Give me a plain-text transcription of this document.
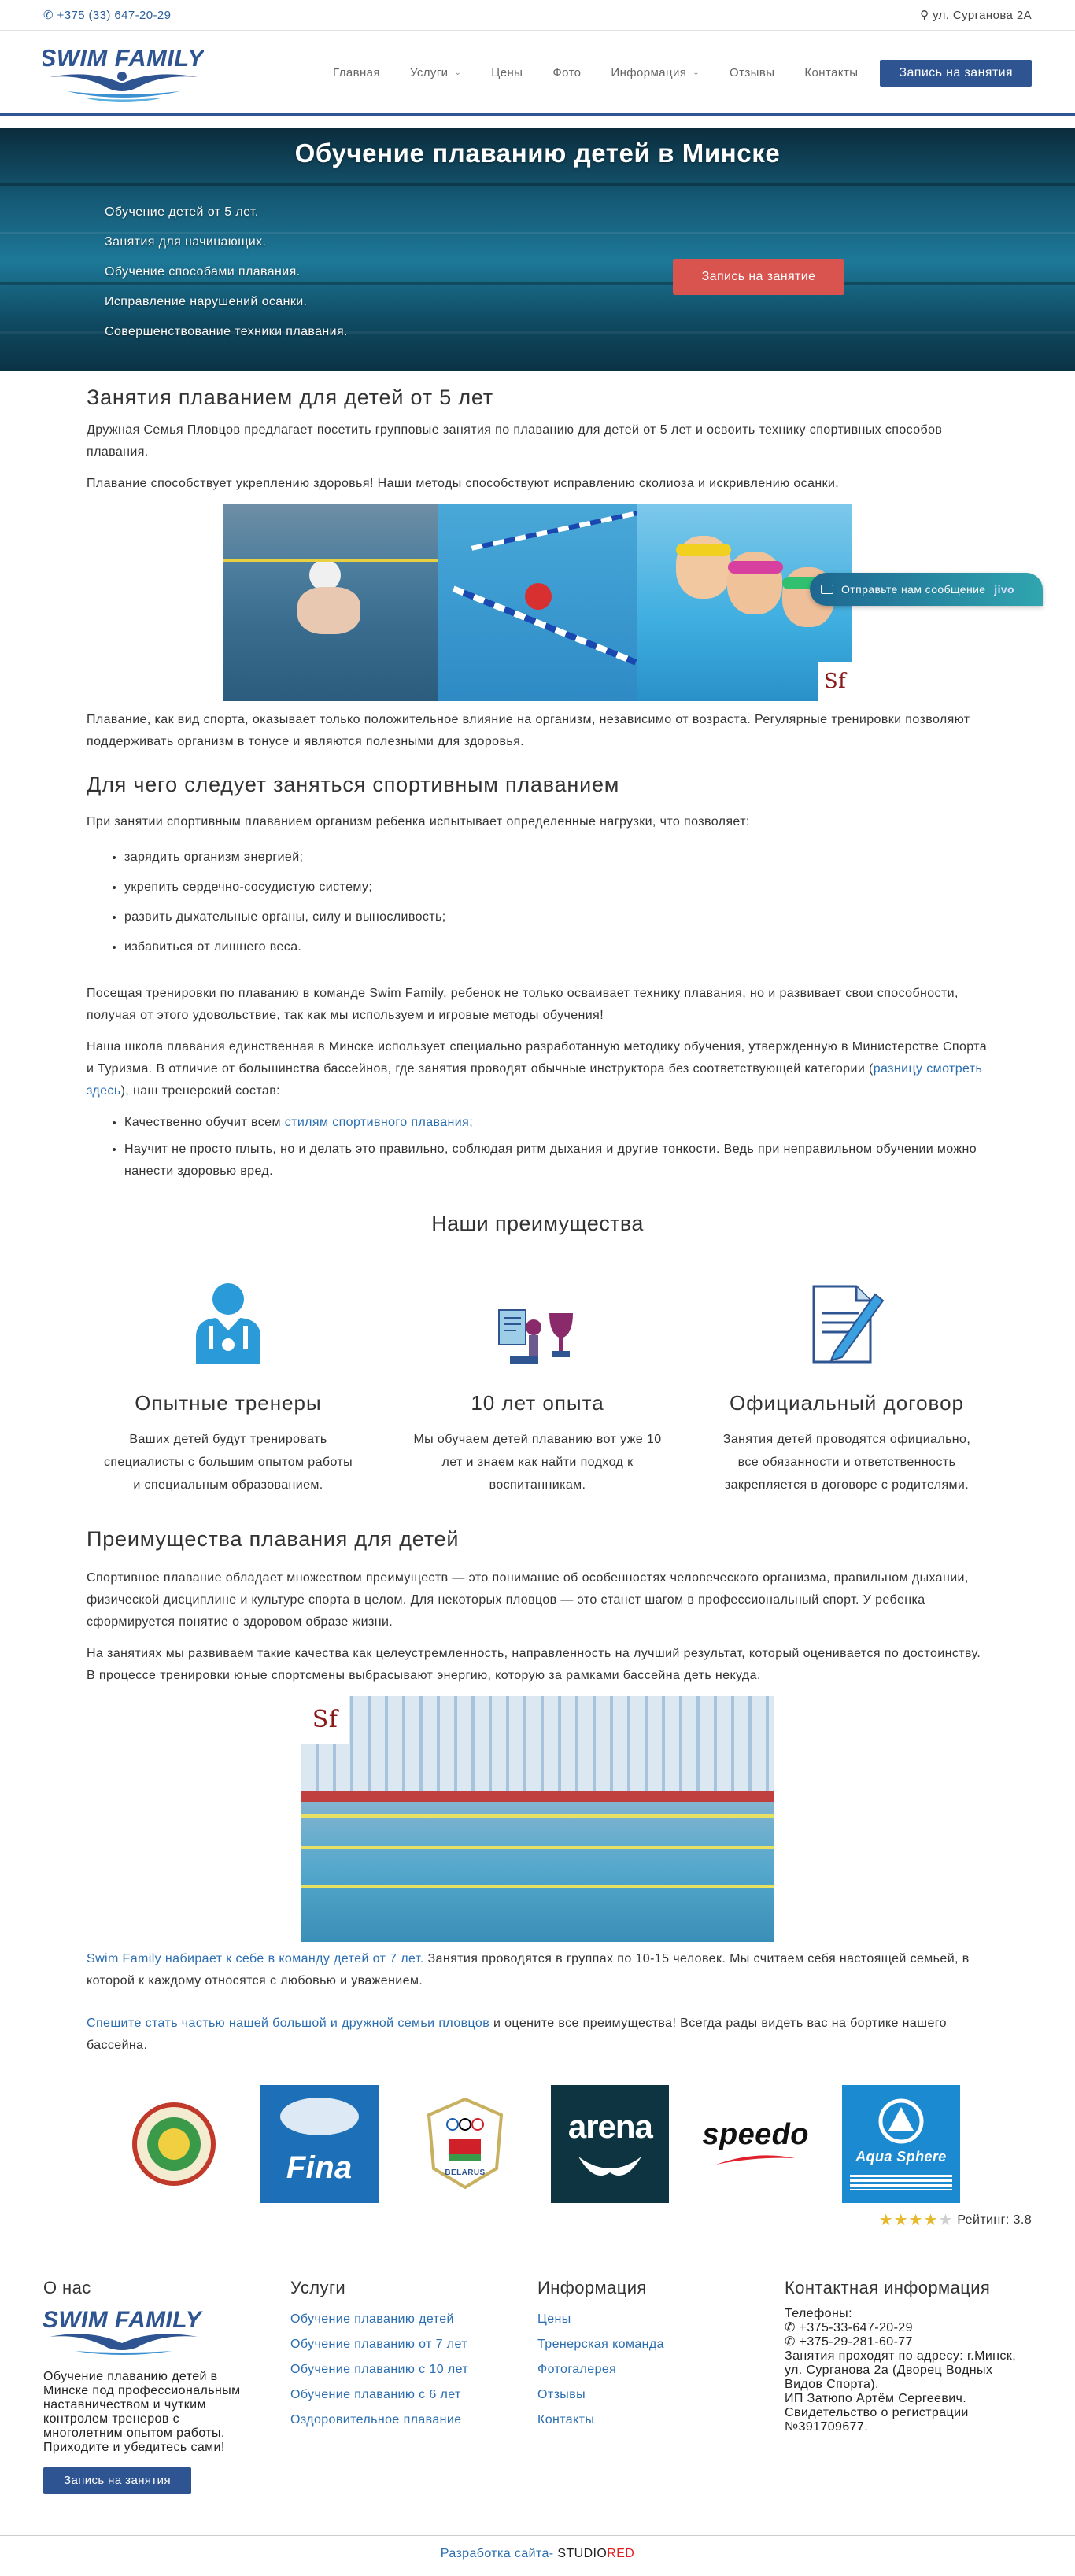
✆ +375 (33) 647-20-29	⚲ ул. Сурганова 2А
SWIM FAMILY
Главная	Услуги ⌄	Цены	Фото	Информация ⌄	Отзывы	Контакты	Запись на занятия
Обучение плаванию детей в Минске
Обучение детей от 5 лет.
Занятия для начинающих.
Обучение способами плавания.
Исправление нарушений осанки.
Совершенствование техники плавания.
Запись на занятие
Занятия плаванием для детей от 5 лет

Дружная Семья Пловцов предлагает посетить групповые занятия по плаванию для детей от 5 лет и освоить технику спортивных способов плавания.

Плавание способствует укреплению здоровья! Наши методы способствуют исправлению сколиоза и искривлению осанки.

Sf

Плавание, как вид спорта, оказывает только положительное влияние на организм, независимо от возраста. Регулярные тренировки позволяют поддерживать организм в тонусе и являются полезными для здоровья.

Для чего следует заняться спортивным плаванием

При занятии спортивным плаванием организм ребенка испытывает определенные нагрузки, что позволяет:

• зарядить организм энергией;
• укрепить сердечно-сосудистую систему;
• развить дыхательные органы, силу и выносливость;
• избавиться от лишнего веса.

Посещая тренировки по плаванию в команде Swim Family, ребенок не только осваивает технику плавания, но и развивает свои способности, получая от этого удовольствие, так как мы используем и игровые методы обучения!

Наша школа плавания единственная в Минске использует специально разработанную методику обучения, утвержденную в Министерстве Спорта и Туризма. В отличие от большинства бассейнов, где занятия проводят обычные инструктора без соответствующей категории (разницу смотреть здесь), наш тренерский состав:

• Качественно обучит всем стилям спортивного плавания;
• Научит не просто плыть, но и делать это правильно, соблюдая ритм дыхания и другие тонкости. Ведь при неправильном обучении можно нанести здоровью вред.
Наши преимущества
Опытные тренеры

Ваших детей будут тренировать специалисты с большим опытом работы и специальным образованием.

10 лет опыта

Мы обучаем детей плаванию вот уже 10 лет и знаем как найти подход к воспитанникам.

Официальный договор

Занятия детей проводятся официально, все обязанности и ответственность закрепляется в договоре с родителями.

Преимущества плавания для детей

Спортивное плавание обладает множеством преимуществ — это понимание об особенностях человеческого организма, правильном дыхании, физической дисциплине и культуре спорта в целом. Для некоторых пловцов — это станет шагом в профессиональный спорт. У ребенка сформируется понятие о здоровом образе жизни.

На занятиях мы развиваем такие качества как целеустремленность, направленность на лучший результат, который оценивается по достоинству. В процессе тренировки юные спортсмены выбрасывают энергию, которую за рамками бассейна деть некуда.

Sf

Swim Family набирает к себе в команду детей от 7 лет. Занятия проводятся в группах по 10-15 человек. Мы считаем себя настоящей семьей, в которой к каждому относятся с любовью и уважением.

Спешите стать частью нашей большой и дружной семьи пловцов и оцените все преимущества! Всегда рады видеть вас на бортике нашего бассейна.

Fina	BELARUS
arena speedo
Aqua Sphere
★★★★★ Рейтинг: 3.8
Отправьте нам сообщение jivo
О нас
SWIM FAMILY
Обучение плаванию детей в Минске под профессиональным наставничеством и чутким контролем тренеров с многолетним опытом работы. Приходите и убедитесь сами!
Запись на занятия
Услуги
Обучение плаванию детей
Обучение плаванию от 7 лет
Обучение плаванию с 10 лет
Обучение плаванию с 6 лет
Оздоровительное плавание
Информация
Цены
Тренерская команда
Фотогалерея
Отзывы
Контакты
Контактная информация
Телефоны:
✆ +375-33-647-20-29
✆ +375-29-281-60-77
Занятия проходят по адресу: г.Минск, ул. Сурганова 2а (Дворец Водных Видов Спорта).
ИП Затюпо Артём Сергеевич.
Свидетельство о регистрации №391709677.
Разработка сайта- STUDIORED
